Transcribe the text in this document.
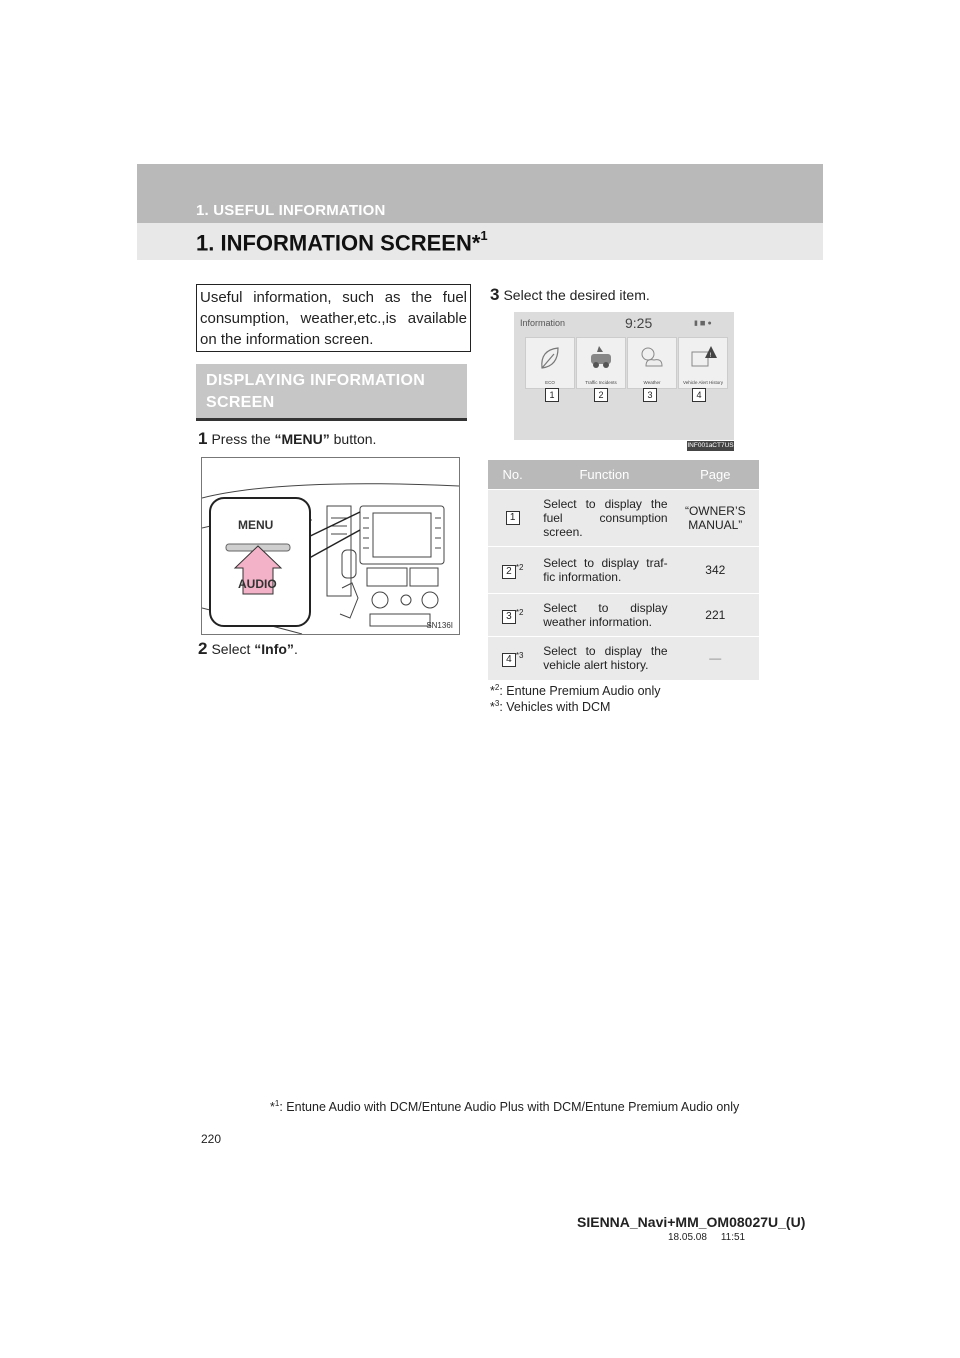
1. USEFUL INFORMATION
1. INFORMATION SCREEN*$^1$
Useful information, such as the fuel consumption, weather,etc.,is available on the information screen.
DISPLAYING INFORMATION
SCREEN
1 Press the “MENU” button.
MENU
AUDIO
SN136I
2 Select “Info”.
3 Select the desired item.
Information	9:25	▮ ◼ ●
ECO	Traffic Incidents	Weather
!
Vehicle Alert History
1	2	3	4
INF001aCT7US
No.	Function	Page
1	Select to display the fuel consumption screen.	“OWNER’S MANUAL”
2 $^{*2}$	Select to display traf- fic information.	342
3 $^{*2}$	Select to display weather information.	221
4 $^{*3}$	Select to display the vehicle alert history.	—
*$^2$: Entune Premium Audio only
*$^3$: Vehicles with DCM
*$^1$: Entune Audio with DCM/Entune Audio Plus with DCM/Entune Premium Audio only
220
SIENNA_Navi+MM_OM08027U_(U)
18.05.08     11:51
